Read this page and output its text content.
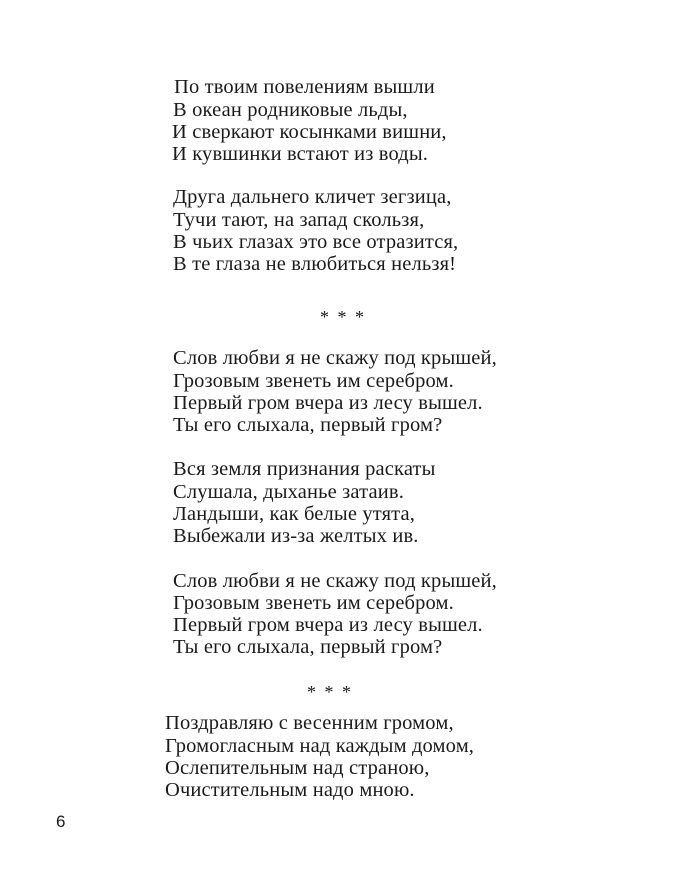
По твоим повелениям вышли
В океан родниковые льды,
И сверкают косынками вишни,
И кувшинки встают из воды.
Друга дальнего кличет зегзица,
Тучи тают, на запад скользя,
В чьих глазах это все отразится,
В те глаза не влюбиться нельзя!
* * *
Слов любви я не скажу под крышей,
Грозовым звенеть им серебром.
Первый гром вчера из лесу вышел.
Ты его слыхала, первый гром?
Вся земля признания раскаты
Слушала, дыханье затаив.
Ландыши, как белые утята,
Выбежали из-за желтых ив.
Слов любви я не скажу под крышей,
Грозовым звенеть им серебром.
Первый гром вчера из лесу вышел.
Ты его слыхала, первый гром?
* * *
Поздравляю с весенним громом,
Громогласным над каждым домом,
Ослепительным над страною,
Очистительным надо мною.
6
